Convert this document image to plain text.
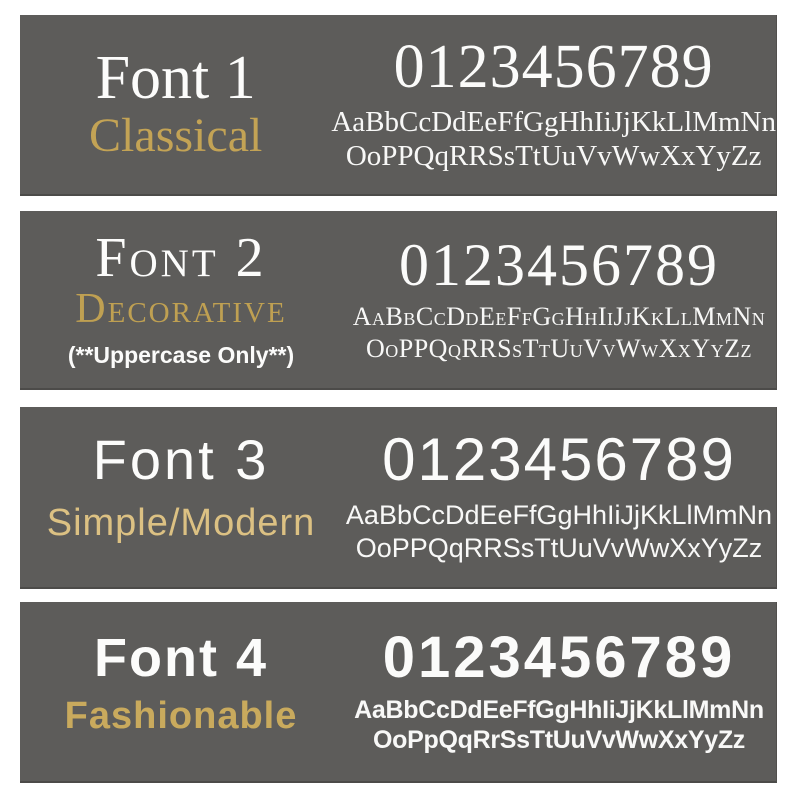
Font 1
Classical
0123456789
AaBbCcDdEeFfGgHhIiJjKkLlMmNn
OoPPQqRRSsTtUuVvWwXxYyZz
Font 2
Decorative
(**Uppercase Only**)
0123456789
AaBbCcDdEeFfGgHhIiJjKkLlMmNn
OoPPQqRRSsTtUuVvWwXxYyZz
Font 3
Simple/Modern
0123456789
AaBbCcDdEeFfGgHhIiJjKkLlMmNn
OoPPQqRRSsTtUuVvWwXxYyZz
Font 4
Fashionable
0123456789
AaBbCcDdEeFfGgHhIiJjKkLlMmNn
OoPpQqRrSsTtUuVvWwXxYyZz
